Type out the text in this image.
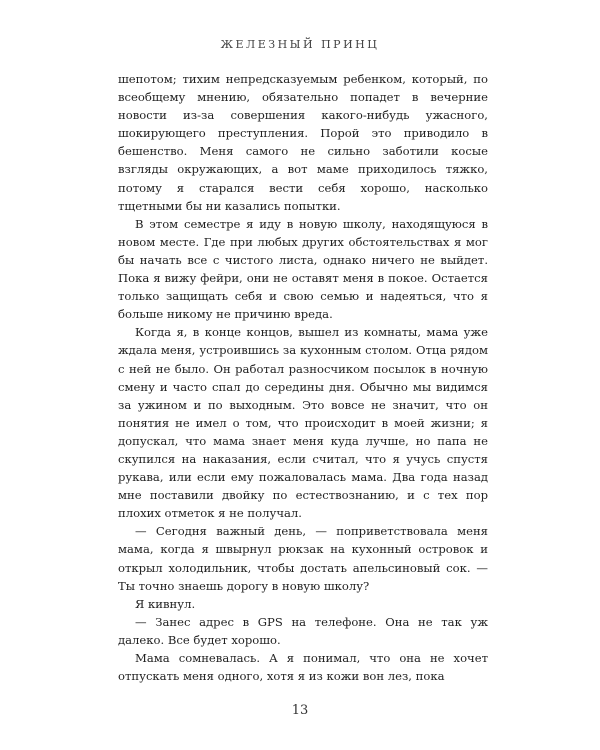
ЖЕЛЕЗНЫЙ ПРИНЦ

шепотом; тихим непредсказуемым ребенком, который, по всеобщему мнению, обязательно попадет в вечерние новости из-за совершения какого-нибудь ужасного, шокирующего преступления. Порой это приводило в бешенство. Меня самого не сильно заботили косые взгляды окружающих, а вот маме приходилось тяжко, потому я старался вести себя хорошо, насколько тщетными бы ни казались попытки.

В этом семестре я иду в новую школу, находящуюся в новом месте. Где при любых других обстоятельствах я мог бы начать все с чистого листа, однако ничего не выйдет. Пока я вижу фейри, они не оставят меня в покое. Остается только защищать себя и свою семью и надеяться, что я больше никому не причиню вреда.

Когда я, в конце концов, вышел из комнаты, мама уже ждала меня, устроившись за кухонным столом. Отца рядом с ней не было. Он работал разносчиком посылок в ночную смену и часто спал до середины дня. Обычно мы видимся за ужином и по выходным. Это вовсе не значит, что он понятия не имел о том, что происходит в моей жизни; я допускал, что мама знает меня куда лучше, но папа не скупился на наказания, если считал, что я учусь спустя рукава, или если ему пожаловалась мама. Два года назад мне поставили двойку по естествознанию, и с тех пор плохих отметок я не получал.

— Сегодня важный день, — поприветствовала меня мама, когда я швырнул рюкзак на кухонный островок и открыл холодильник, чтобы достать апельсиновый сок. — Ты точно знаешь дорогу в новую школу?

Я кивнул.

— Занес адрес в GPS на телефоне. Она не так уж далеко. Все будет хорошо.

Мама сомневалась. А я понимал, что она не хочет отпускать меня одного, хотя я из кожи вон лез, пока

13
